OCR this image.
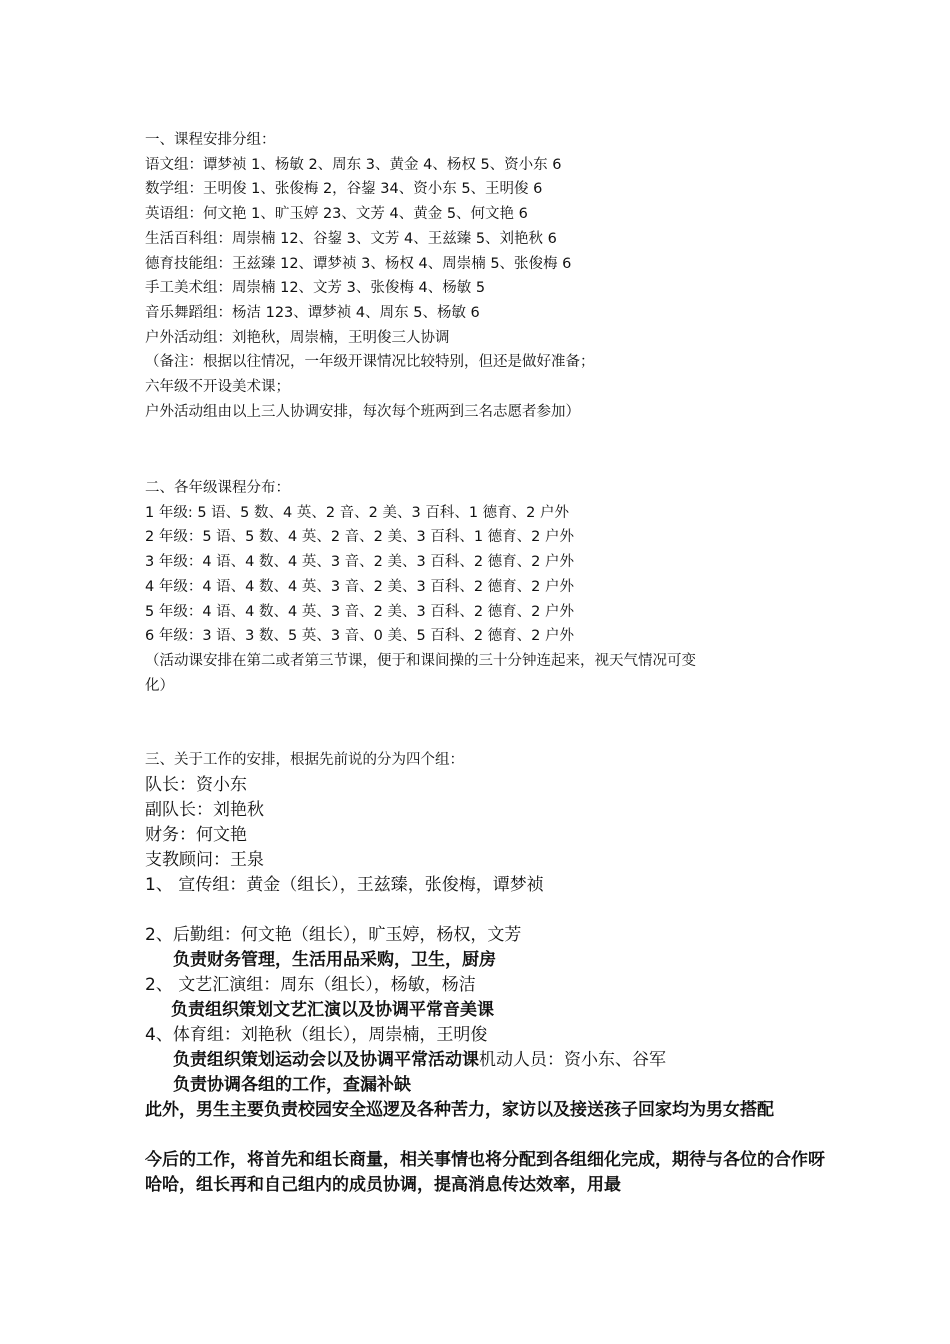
一、课程安排分组：
语文组：谭梦祯 1、杨敏 2、周东 3、黄金 4、杨权 5、资小东 6
数学组：王明俊 1、张俊梅 2，谷鋆 34、资小东 5、王明俊 6
英语组：何文艳 1、旷玉婷 23、文芳 4、黄金 5、何文艳 6
生活百科组：周崇楠 12、谷鋆 3、文芳 4、王兹臻 5、刘艳秋 6
德育技能组：王兹臻 12、谭梦祯 3、杨权 4、周崇楠 5、张俊梅 6
手工美术组：周崇楠 12、文芳 3、张俊梅 4、杨敏 5
音乐舞蹈组：杨洁 123、谭梦祯 4、周东 5、杨敏 6
户外活动组：刘艳秋，周崇楠，王明俊三人协调
（备注：根据以往情况，一年级开课情况比较特别，但还是做好准备；
六年级不开设美术课；
户外活动组由以上三人协调安排，每次每个班两到三名志愿者参加）
二、各年级课程分布：
1 年级: 5 语、5 数、4 英、2 音、2 美、3 百科、1 德育、2 户外
2 年级：5 语、5 数、4 英、2 音、2 美、3 百科、1 德育、2 户外
3 年级：4 语、4 数、4 英、3 音、2 美、3 百科、2 德育、2 户外
4 年级：4 语、4 数、4 英、3 音、2 美、3 百科、2 德育、2 户外
5 年级：4 语、4 数、4 英、3 音、2 美、3 百科、2 德育、2 户外
6 年级：3 语、3 数、5 英、3 音、0 美、5 百科、2 德育、2 户外
（活动课安排在第二或者第三节课，便于和课间操的三十分钟连起来，视天气情况可变
化）
三、关于工作的安排，根据先前说的分为四个组：
队长：资小东
副队长：刘艳秋
财务：何文艳
支教顾问：王泉
1、 宣传组：黄金（组长），王兹臻，张俊梅，谭梦祯

2、后勤组：何文艳（组长），旷玉婷，杨权，文芳
负责财务管理，生活用品采购，卫生，厨房
2、 文艺汇演组：周东（组长），杨敏，杨洁
负责组织策划文艺汇演以及协调平常音美课
4、体育组：刘艳秋（组长），周崇楠，王明俊
负责组织策划运动会以及协调平常活动课机动人员：资小东、谷军
负责协调各组的工作，查漏补缺
此外，男生主要负责校园安全巡逻及各种苦力，家访以及接送孩子回家均为男女搭配

今后的工作，将首先和组长商量，相关事情也将分配到各组细化完成，期待与各位的合作呀哈哈，组长再和自己组内的成员协调，提高消息传达效率，用最
